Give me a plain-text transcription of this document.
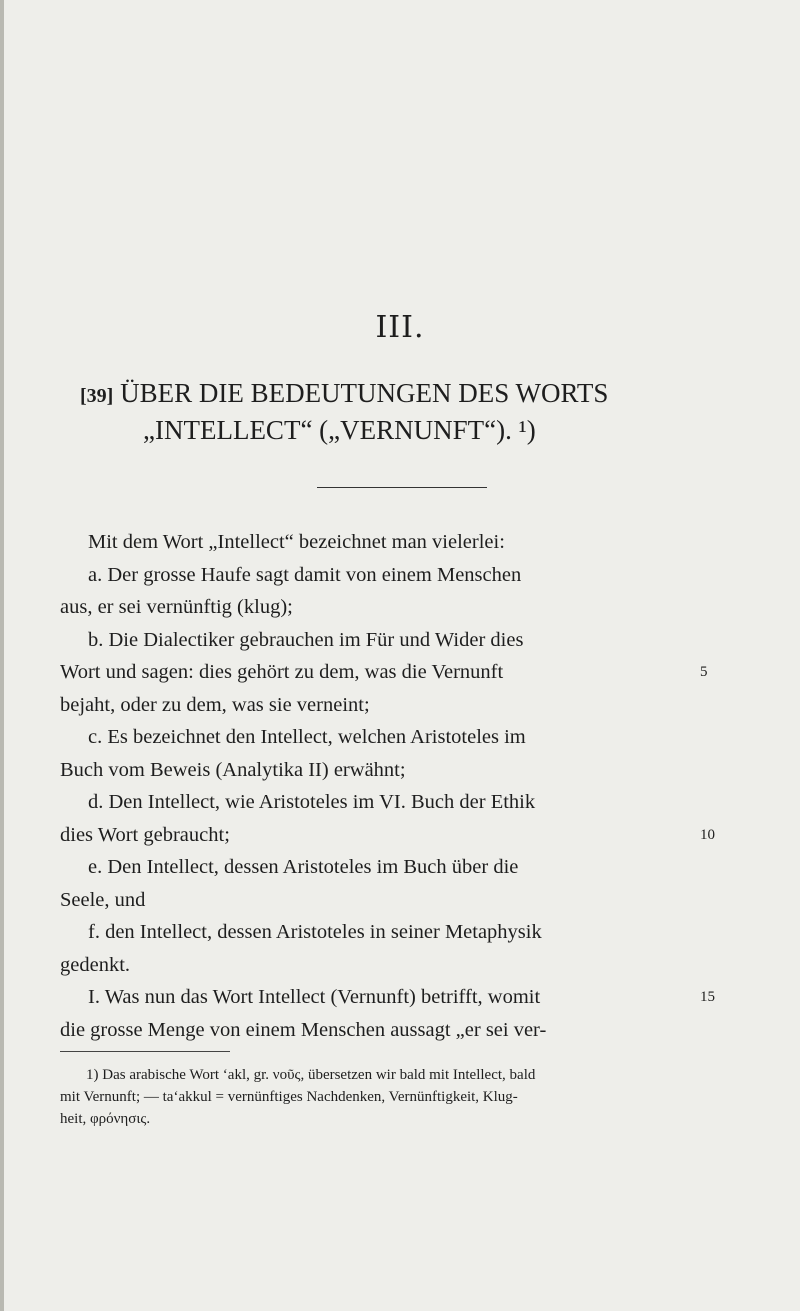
III.
[39] ÜBER DIE BEDEUTUNGEN DES WORTS
„INTELLECT“ („VERNUNFT“). ¹)
Mit dem Wort „Intellect“ bezeichnet man vielerlei:
a. Der grosse Haufe sagt damit von einem Menschen
aus, er sei vernünftig (klug);
b. Die Dialectiker gebrauchen im Für und Wider dies
Wort und sagen: dies gehört zu dem, was die Vernunft	5
bejaht, oder zu dem, was sie verneint;
c. Es bezeichnet den Intellect, welchen Aristoteles im
Buch vom Beweis (Analytika II) erwähnt;
d. Den Intellect, wie Aristoteles im VI. Buch der Ethik
dies Wort gebraucht;	10
e. Den Intellect, dessen Aristoteles im Buch über die
Seele, und
f. den Intellect, dessen Aristoteles in seiner Metaphysik
gedenkt.
I. Was nun das Wort Intellect (Vernunft) betrifft, womit	15
die grosse Menge von einem Menschen aussagt „er sei ver-
1) Das arabische Wort ‘akl, gr. νοῦς, übersetzen wir bald mit Intellect, bald
mit Vernunft; — ta‘akkul = vernünftiges Nachdenken, Vernünftigkeit, Klug-
heit, φρόνησις.
